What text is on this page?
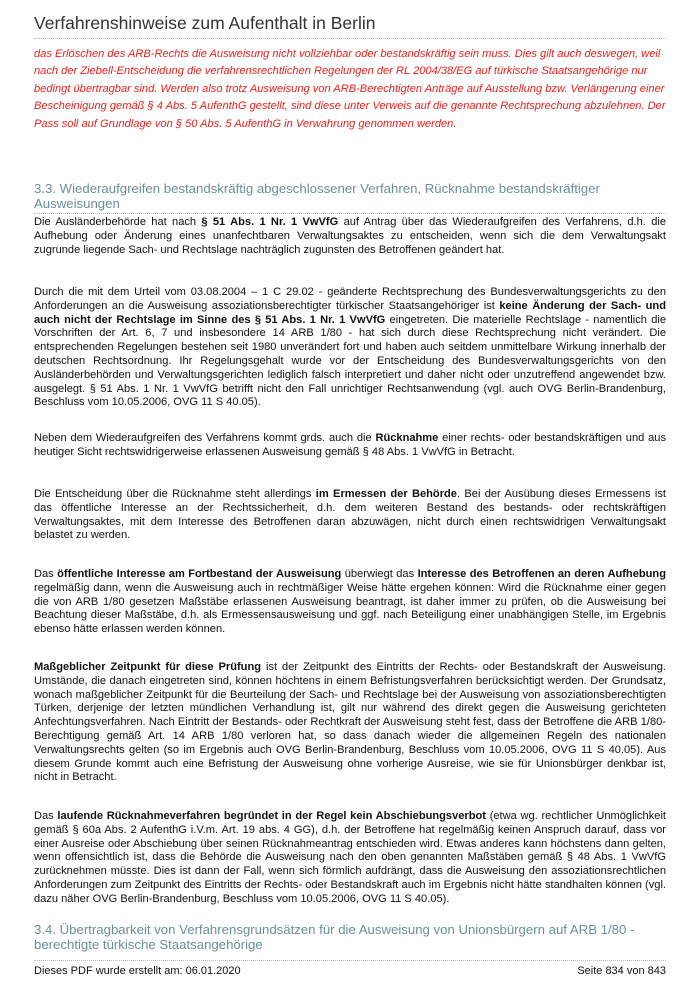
Verfahrenshinweise zum Aufenthalt in Berlin

das Erlöschen des ARB-Rechts die Ausweisung nicht vollziehbar oder bestandskräftig sein muss. Dies gilt auch deswegen, weil nach der Ziebell-Entscheidung die verfahrensrechtlichen Regelungen der RL 2004/38/EG auf türkische Staatsangehörige nur bedingt übertragbar sind. Werden also trotz Ausweisung von ARB-Berechtigten Anträge auf Ausstellung bzw. Verlängerung einer Bescheinigung gemäß § 4 Abs. 5 AufenthG gestellt, sind diese unter Verweis auf die genannte Rechtsprechung abzulehnen. Der Pass soll auf Grundlage von § 50 Abs. 5 AufenthG in Verwahrung genommen werden.

3.3. Wiederaufgreifen bestandskräftig abgeschlossener Verfahren, Rücknahme bestandskräftiger Ausweisungen

Die Ausländerbehörde hat nach § 51 Abs. 1 Nr. 1 VwVfG auf Antrag über das Wiederaufgreifen des Verfahrens, d.h. die Aufhebung oder Änderung eines unanfechtbaren Verwaltungsaktes zu entscheiden, wenn sich die dem Verwaltungsakt zugrunde liegende Sach- und Rechtslage nachträglich zugunsten des Betroffenen geändert hat.

Durch die mit dem Urteil vom 03.08.2004 – 1 C 29.02 - geänderte Rechtsprechung des Bundesverwaltungsgerichts zu den Anforderungen an die Ausweisung assoziationsberechtigter türkischer Staatsangehöriger ist keine Änderung der Sach- und auch nicht der Rechtslage im Sinne des § 51 Abs. 1 Nr. 1 VwVfG eingetreten. Die materielle Rechtslage - namentlich die Vorschriften der Art. 6, 7 und insbesondere 14 ARB 1/80 - hat sich durch diese Rechtsprechung nicht verändert. Die entsprechenden Regelungen bestehen seit 1980 unverändert fort und haben auch seitdem unmittelbare Wirkung innerhalb der deutschen Rechtsordnung. Ihr Regelungsgehalt wurde vor der Entscheidung des Bundesverwaltungsgerichts von den Ausländerbehörden und Verwaltungsgerichten lediglich falsch interpretiert und daher nicht oder unzutreffend angewendet bzw. ausgelegt. § 51 Abs. 1 Nr. 1 VwVfG betrifft nicht den Fall unrichtiger Rechtsanwendung (vgl. auch OVG Berlin-Brandenburg, Beschluss vom 10.05.2006, OVG 11 S 40.05).

Neben dem Wiederaufgreifen des Verfahrens kommt grds. auch die Rücknahme einer rechts- oder bestandskräftigen und aus heutiger Sicht rechtswidrigerweise erlassenen Ausweisung gemäß § 48 Abs. 1 VwVfG in Betracht.

Die Entscheidung über die Rücknahme steht allerdings im Ermessen der Behörde. Bei der Ausübung dieses Ermessens ist das öffentliche Interesse an der Rechtssicherheit, d.h. dem weiteren Bestand des bestands- oder rechtskräftigen Verwaltungsaktes, mit dem Interesse des Betroffenen daran abzuwägen, nicht durch einen rechtswidrigen Verwaltungsakt belastet zu werden.

Das öffentliche Interesse am Fortbestand der Ausweisung überwiegt das Interesse des Betroffenen an deren Aufhebung regelmäßig dann, wenn die Ausweisung auch in rechtmäßiger Weise hätte ergehen können: Wird die Rücknahme einer gegen die von ARB 1/80 gesetzen Maßstäbe erlassenen Ausweisung beantragt, ist daher immer zu prüfen, ob die Ausweisung bei Beachtung dieser Maßstäbe, d.h. als Ermessensausweisung und ggf. nach Beteiligung einer unabhängigen Stelle, im Ergebnis ebenso hätte erlassen werden können.

Maßgeblicher Zeitpunkt für diese Prüfung ist der Zeitpunkt des Eintritts der Rechts- oder Bestandskraft der Ausweisung. Umstände, die danach eingetreten sind, können höchtens in einem Befristungsverfahren berücksichtigt werden. Der Grundsatz, wonach maßgeblicher Zeitpunkt für die Beurteilung der Sach- und Rechtslage bei der Ausweisung von assoziationsberechtigten Türken, derjenige der letzten mündlichen Verhandlung ist, gilt nur während des direkt gegen die Ausweisung gerichteten Anfechtungsverfahren. Nach Eintritt der Bestands- oder Rechtkraft der Ausweisung steht fest, dass der Betroffene die ARB 1/80- Berechtigung gemäß Art. 14 ARB 1/80 verloren hat, so dass danach wieder die allgemeinen Regeln des nationalen Verwaltungsrechts gelten (so im Ergebnis auch OVG Berlin-Brandenburg, Beschluss vom 10.05.2006, OVG 11 S 40.05). Aus diesem Grunde kommt auch eine Befristung der Ausweisung ohne vorherige Ausreise, wie sie für Unionsbürger denkbar ist, nicht in Betracht.

Das laufende Rücknahmeverfahren begründet in der Regel kein Abschiebungsverbot (etwa wg. rechtlicher Unmöglichkeit gemäß § 60a Abs. 2 AufenthG i.V.m. Art. 19 abs. 4 GG), d.h. der Betroffene hat regelmäßig keinen Anspruch darauf, dass vor einer Ausreise oder Abschiebung über seinen Rücknahmeantrag entschieden wird. Etwas anderes kann höchstens dann gelten, wenn offensichtlich ist, dass die Behörde die Ausweisung nach den oben genannten Maßstäben gemäß § 48 Abs. 1 VwVfG zurücknehmen müsste. Dies ist dann der Fall, wenn sich förmlich aufdrängt, dass die Ausweisung den assoziationsrechtlichen Anforderungen zum Zeitpunkt des Eintritts der Rechts- oder Bestandskraft auch im Ergebnis nicht hätte standhalten können (vgl. dazu näher OVG Berlin-Brandenburg, Beschluss vom 10.05.2006, OVG 11 S 40.05).

3.4. Übertragbarkeit von Verfahrensgrundsätzen für die Ausweisung von Unionsbürgern auf ARB 1/80 - berechtigte türkische Staatsangehörige
Dieses PDF wurde erstellt am: 06.01.2020	Seite 834 von 843
